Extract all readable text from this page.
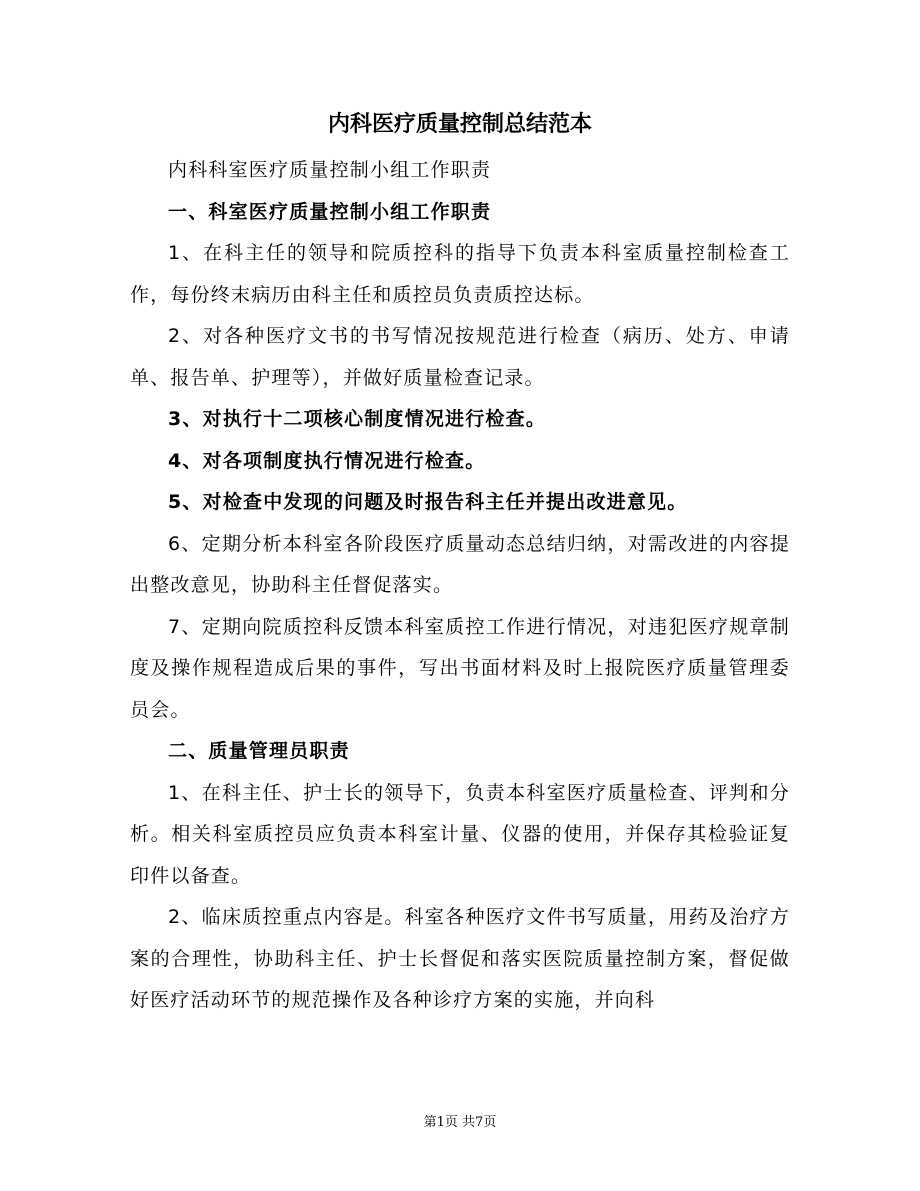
内科医疗质量控制总结范本

内科科室医疗质量控制小组工作职责

一、科室医疗质量控制小组工作职责

1、在科主任的领导和院质控科的指导下负责本科室质量控制检查工作，每份终末病历由科主任和质控员负责质控达标。

2、对各种医疗文书的书写情况按规范进行检查（病历、处方、申请单、报告单、护理等），并做好质量检查记录。

3、对执行十二项核心制度情况进行检查。

4、对各项制度执行情况进行检查。

5、对检查中发现的问题及时报告科主任并提出改进意见。

6、定期分析本科室各阶段医疗质量动态总结归纳，对需改进的内容提出整改意见，协助科主任督促落实。

7、定期向院质控科反馈本科室质控工作进行情况，对违犯医疗规章制度及操作规程造成后果的事件，写出书面材料及时上报院医疗质量管理委员会。

二、质量管理员职责

1、在科主任、护士长的领导下，负责本科室医疗质量检查、评判和分析。相关科室质控员应负责本科室计量、仪器的使用，并保存其检验证复印件以备查。

2、临床质控重点内容是。科室各种医疗文件书写质量，用药及治疗方案的合理性，协助科主任、护士长督促和落实医院质量控制方案，督促做好医疗活动环节的规范操作及各种诊疗方案的实施，并向科

第1页 共7页
